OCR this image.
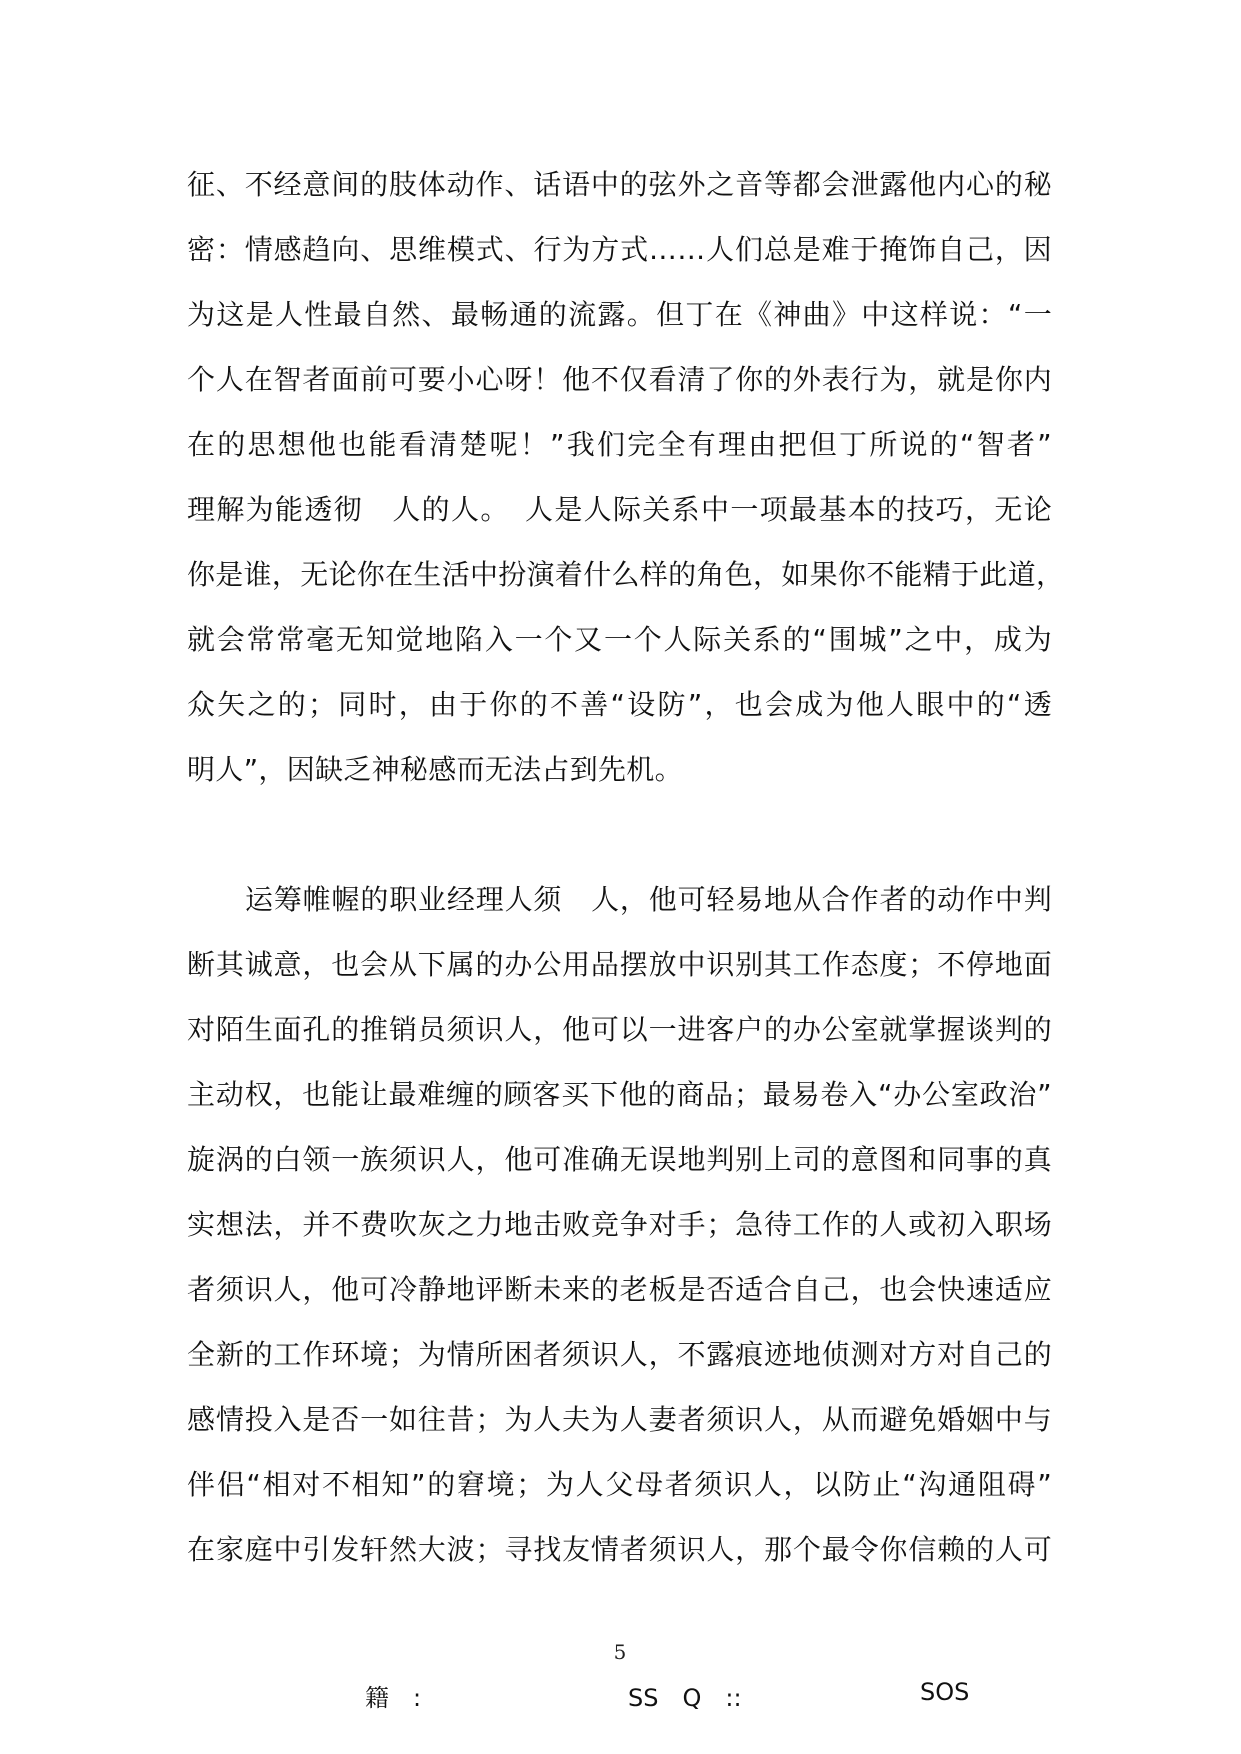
征、不经意间的肢体动作、话语中的弦外之音等都会泄露他内心的秘
密：情感趋向、思维模式、行为方式……人们总是难于掩饰自己，因
为这是人性最自然、最畅通的流露。但丁在《神曲》中这样说：“一
个人在智者面前可要小心呀！他不仅看清了你的外表行为，就是你内
在的思想他也能看清楚呢！”我们完全有理由把但丁所说的“智者”
理解为能透彻　人的人。　人是人际关系中一项最基本的技巧，无论
你是谁，无论你在生活中扮演着什么样的角色，如果你不能精于此道，
就会常常毫无知觉地陷入一个又一个人际关系的“围城”之中，成为
众矢之的；同时，由于你的不善“设防”，也会成为他人眼中的“透
明人”，因缺乏神秘感而无法占到先机。
运筹帷幄的职业经理人须　人，他可轻易地从合作者的动作中判
断其诚意，也会从下属的办公用品摆放中识别其工作态度；不停地面
对陌生面孔的推销员须识人，他可以一进客户的办公室就掌握谈判的
主动权，也能让最难缠的顾客买下他的商品；最易卷入“办公室政治”
旋涡的白领一族须识人，他可准确无误地判别上司的意图和同事的真
实想法，并不费吹灰之力地击败竞争对手；急待工作的人或初入职场
者须识人，他可冷静地评断未来的老板是否适合自己，也会快速适应
全新的工作环境；为情所困者须识人，不露痕迹地侦测对方对自己的
感情投入是否一如往昔；为人夫为人妻者须识人，从而避免婚姻中与
伴侣“相对不相知”的窘境；为人父母者须识人，以防止“沟通阻碍”
在家庭中引发轩然大波；寻找友情者须识人，那个最令你信赖的人可
5
籍　:	SS　Q　::	SOS
